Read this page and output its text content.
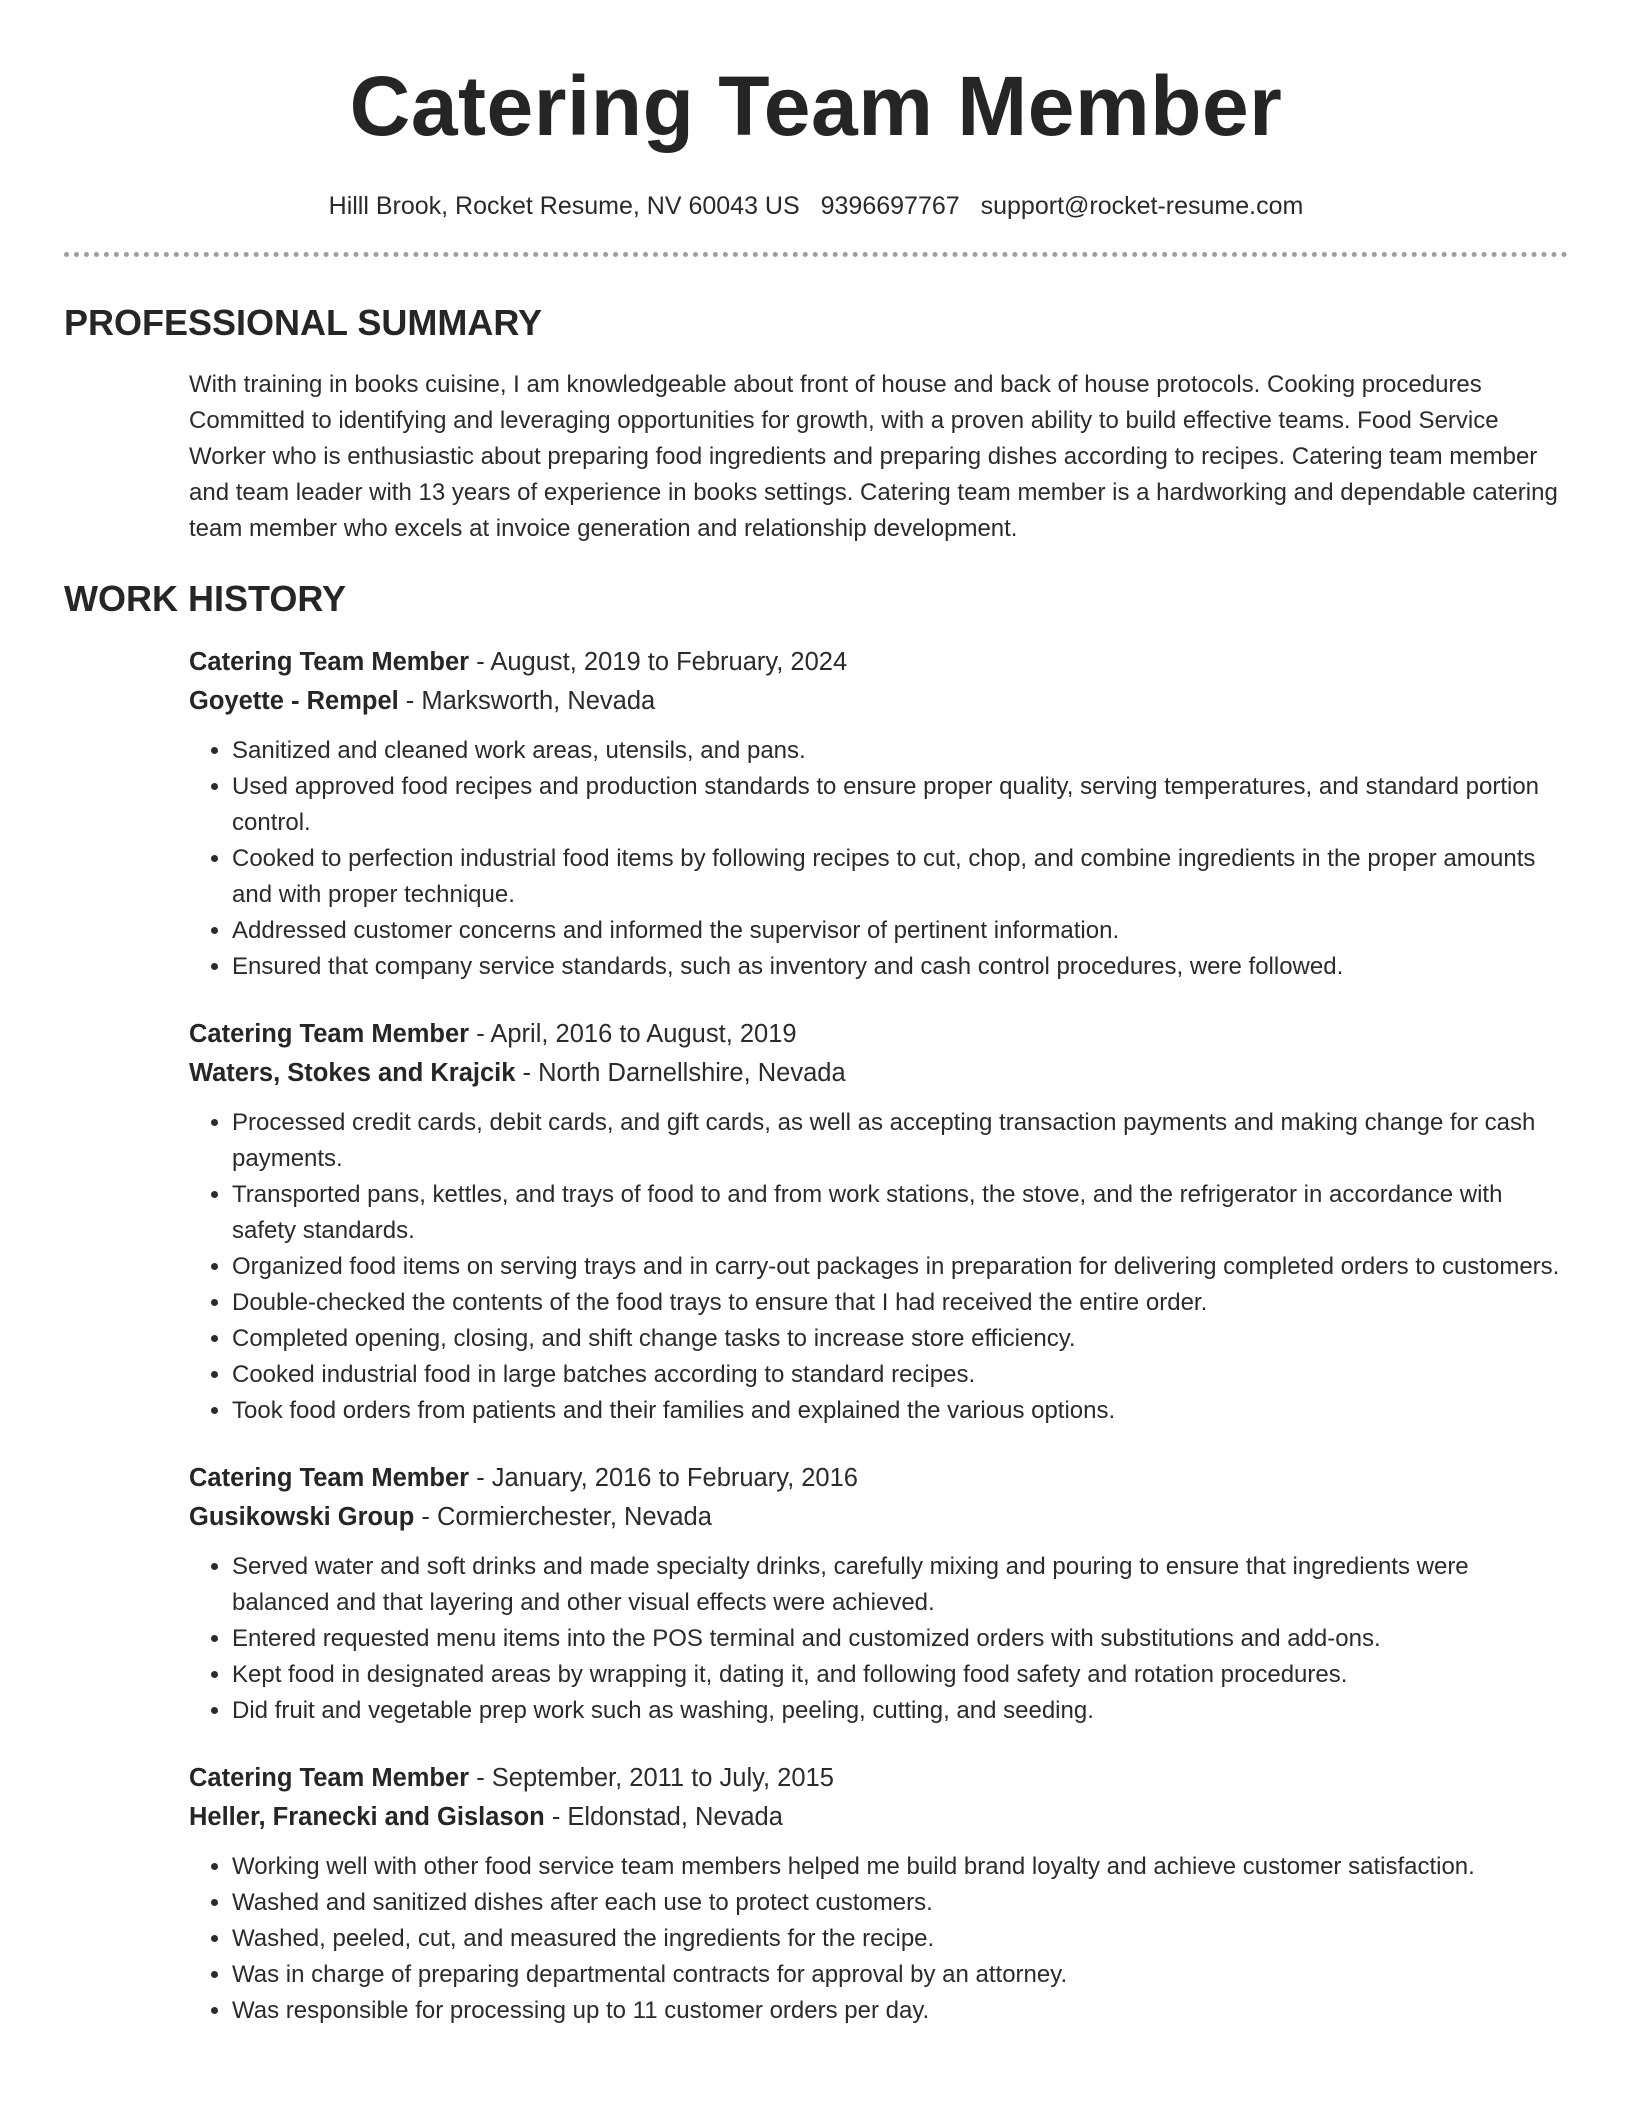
Catering Team Member
Hilll Brook, Rocket Resume, NV 60043 US 9396697767 support@rocket-resume.com
PROFESSIONAL SUMMARY

With training in books cuisine, I am knowledgeable about front of house and back of house protocols. Cooking procedures Committed to identifying and leveraging opportunities for growth, with a proven ability to build effective teams. Food Service Worker who is enthusiastic about preparing food ingredients and preparing dishes according to recipes. Catering team member and team leader with 13 years of experience in books settings. Catering team member is a hardworking and dependable catering team member who excels at invoice generation and relationship development.

WORK HISTORY
Catering Team Member - August, 2019 to February, 2024
Goyette - Rempel - Marksworth, Nevada
• Sanitized and cleaned work areas, utensils, and pans.
• Used approved food recipes and production standards to ensure proper quality, serving temperatures, and standard portion control.
• Cooked to perfection industrial food items by following recipes to cut, chop, and combine ingredients in the proper amounts and with proper technique.
• Addressed customer concerns and informed the supervisor of pertinent information.
• Ensured that company service standards, such as inventory and cash control procedures, were followed.
Catering Team Member - April, 2016 to August, 2019
Waters, Stokes and Krajcik - North Darnellshire, Nevada
• Processed credit cards, debit cards, and gift cards, as well as accepting transaction payments and making change for cash payments.
• Transported pans, kettles, and trays of food to and from work stations, the stove, and the refrigerator in accordance with safety standards.
• Organized food items on serving trays and in carry-out packages in preparation for delivering completed orders to customers.
• Double-checked the contents of the food trays to ensure that I had received the entire order.
• Completed opening, closing, and shift change tasks to increase store efficiency.
• Cooked industrial food in large batches according to standard recipes.
• Took food orders from patients and their families and explained the various options.
Catering Team Member - January, 2016 to February, 2016
Gusikowski Group - Cormierchester, Nevada
• Served water and soft drinks and made specialty drinks, carefully mixing and pouring to ensure that ingredients were balanced and that layering and other visual effects were achieved.
• Entered requested menu items into the POS terminal and customized orders with substitutions and add-ons.
• Kept food in designated areas by wrapping it, dating it, and following food safety and rotation procedures.
• Did fruit and vegetable prep work such as washing, peeling, cutting, and seeding.
Catering Team Member - September, 2011 to July, 2015
Heller, Franecki and Gislason - Eldonstad, Nevada
• Working well with other food service team members helped me build brand loyalty and achieve customer satisfaction.
• Washed and sanitized dishes after each use to protect customers.
• Washed, peeled, cut, and measured the ingredients for the recipe.
• Was in charge of preparing departmental contracts for approval by an attorney.
• Was responsible for processing up to 11 customer orders per day.
